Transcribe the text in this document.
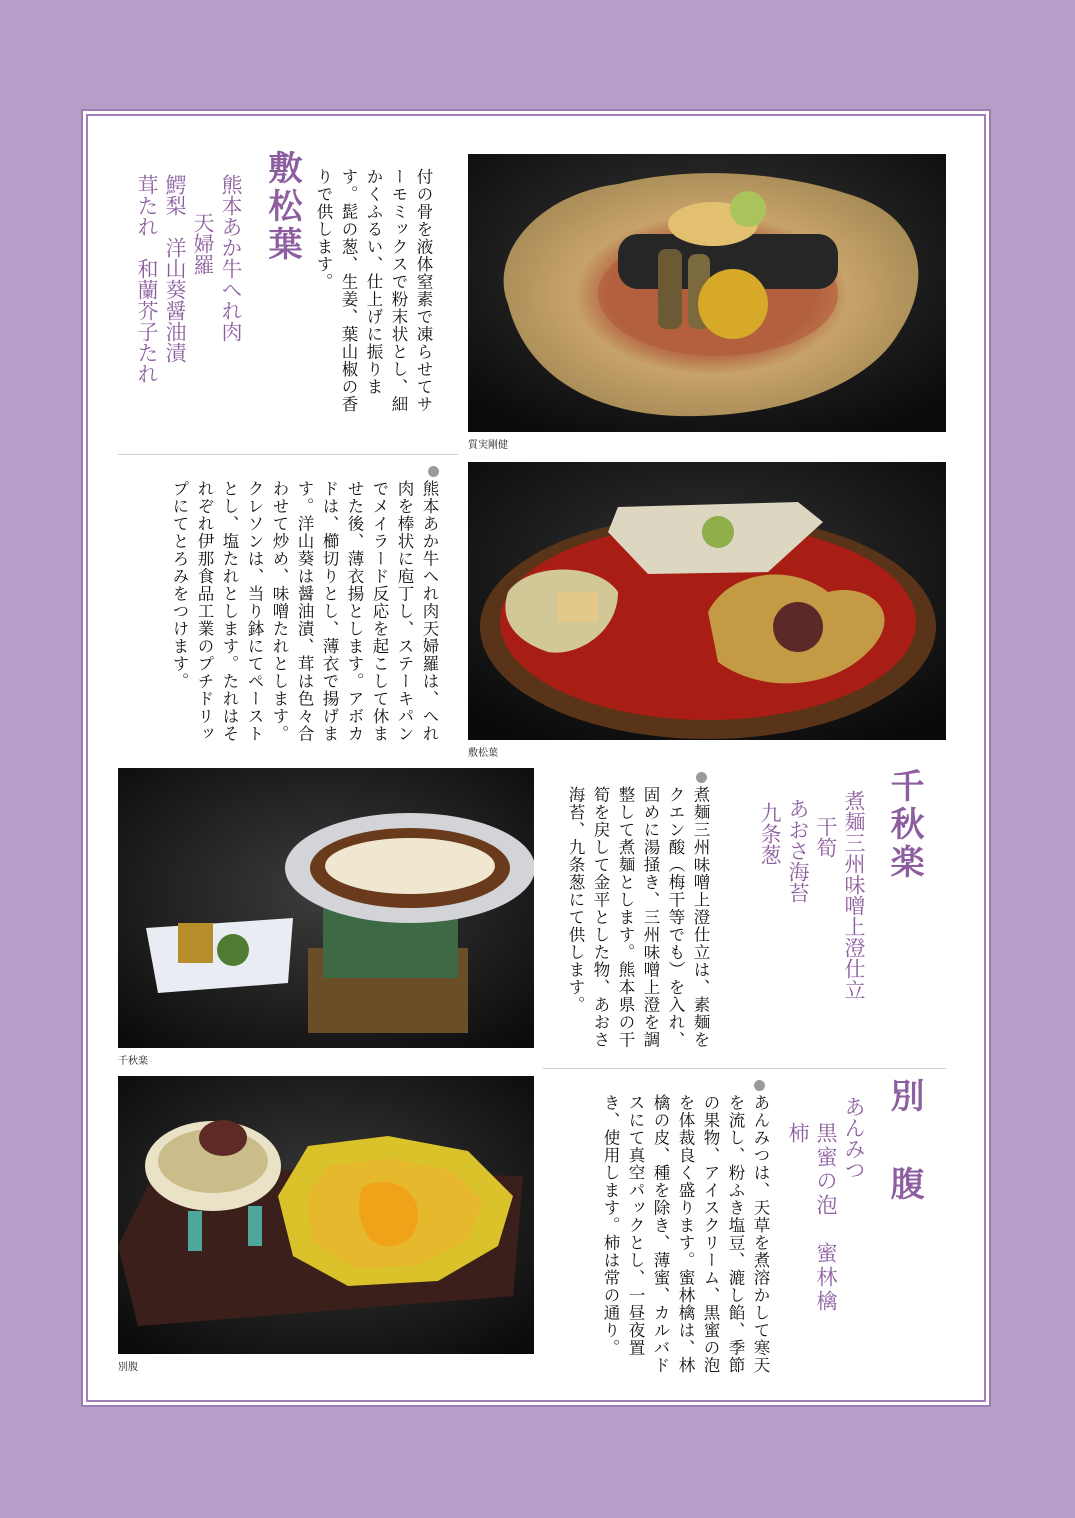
質実剛健

付の骨を液体窒素で凍らせてサーモミックスで粉末状とし、細かくふるい、仕上げに振ります。髭の葱、生姜、葉山椒の香りで供します。

敷松葉
熊本あか牛へれ肉
天婦羅
鰐梨　洋山葵醤油漬
茸たれ　和蘭芥子たれ
敷松葉

熊本あか牛へれ肉天婦羅は、へれ肉を棒状に庖丁し、ステーキパンでメイラード反応を起こして休ませた後、薄衣揚とします。アボカドは、櫛切りとし、薄衣で揚げます。洋山葵は醤油漬、茸は色々合わせて炒め、味噌たれとします。クレソンは、当り鉢にてペーストとし、塩たれとします。たれはそれぞれ伊那食品工業のプチドリップにてとろみをつけます。

千秋楽
千秋楽
煮麺三州味噌上澄仕立
干筍
あおさ海苔
九条葱

煮麺三州味噌上澄仕立は、素麺をクエン酸（梅干等でも）を入れ、固めに湯掻き、三州味噌上澄を調整して煮麺とします。熊本県の干筍を戻して金平とした物、あおさ海苔、九条葱にて供します。

別腹
別　腹
あんみつ
黒蜜の泡　蜜林檎　柿

あんみつは、天草を煮溶かして寒天を流し、粉ふき塩豆、漉し餡、季節の果物、アイスクリーム、黒蜜の泡を体裁良く盛ります。蜜林檎は、林檎の皮、種を除き、薄蜜、カルバドスにて真空パックとし、一昼夜置き、使用します。柿は常の通り。
